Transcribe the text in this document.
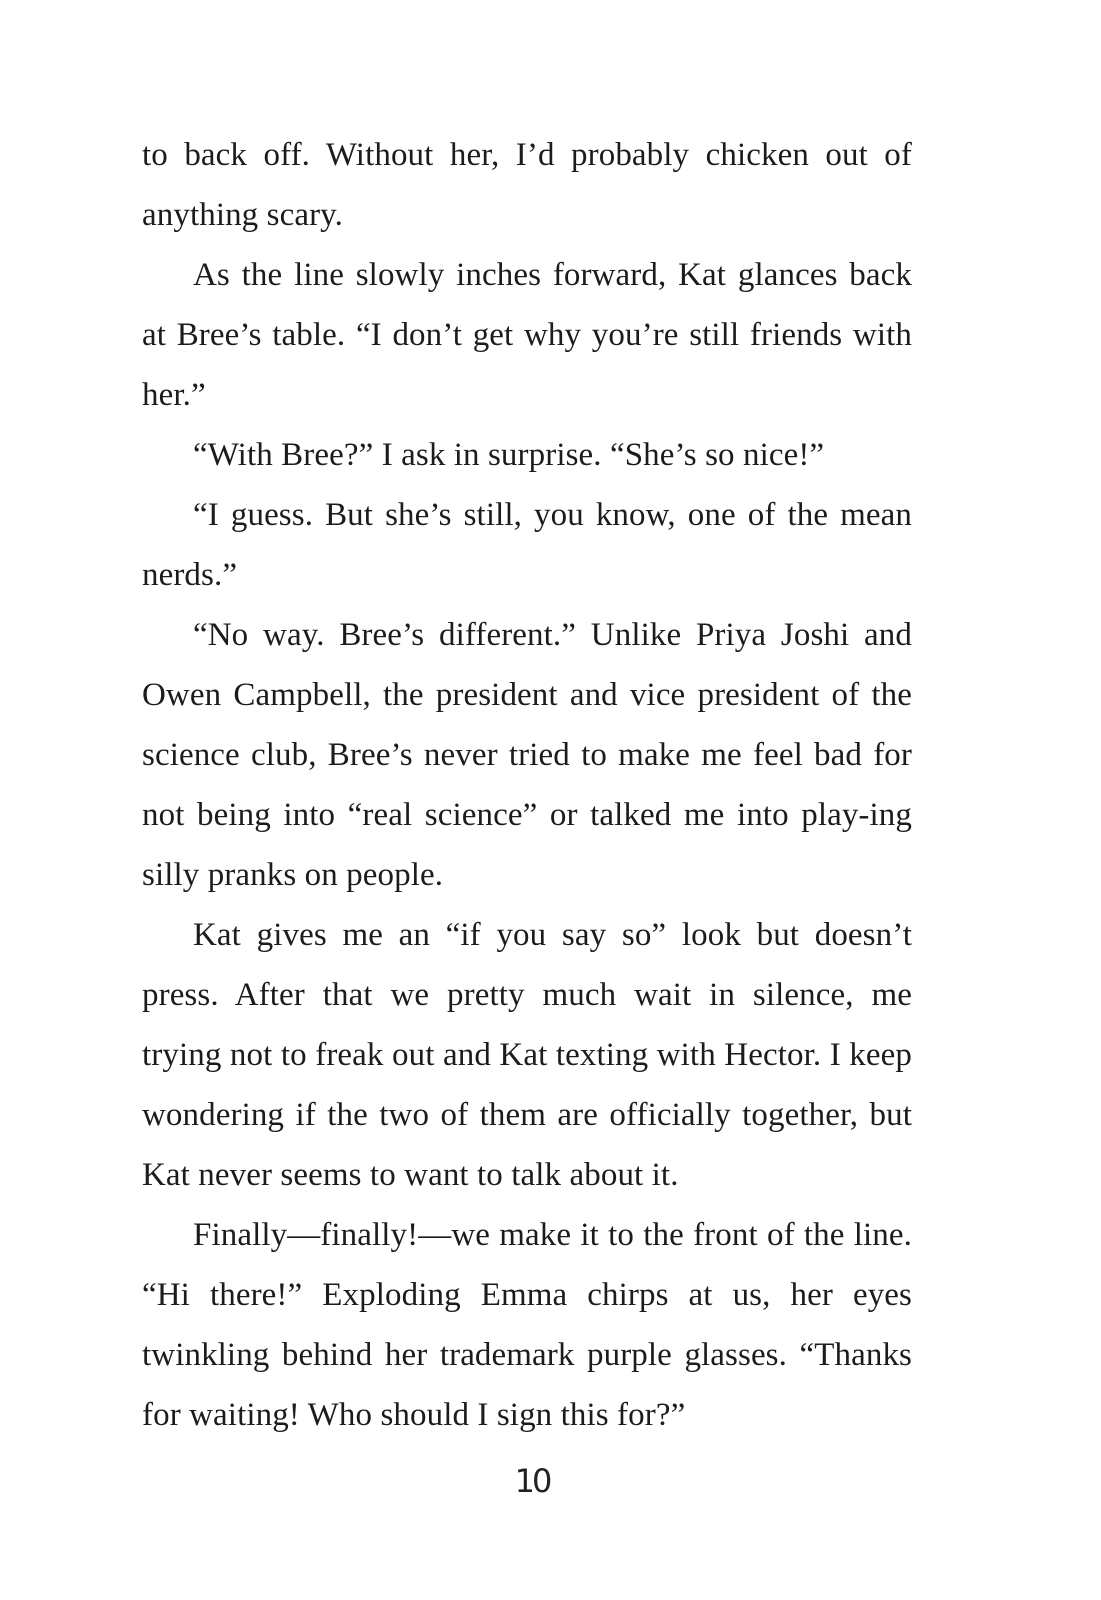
to back off. Without her, I’d probably chicken out of anything scary.

As the line slowly inches forward, Kat glances back at Bree’s table. “I don’t get why you’re still friends with her.”

“With Bree?” I ask in surprise. “She’s so nice!”

“I guess. But she’s still, you know, one of the mean nerds.”

“No way. Bree’s different.” Unlike Priya Joshi and Owen Campbell, the president and vice president of the science club, Bree’s never tried to make me feel bad for not being into “real science” or talked me into play-ing silly pranks on people.

Kat gives me an “if you say so” look but doesn’t press. After that we pretty much wait in silence, me trying not to freak out and Kat texting with Hector. I keep wondering if the two of them are officially together, but Kat never seems to want to talk about it.

Finally—finally!—we make it to the front of the line. “Hi there!” Exploding Emma chirps at us, her eyes twinkling behind her trademark purple glasses. “Thanks for waiting! Who should I sign this for?”

10
